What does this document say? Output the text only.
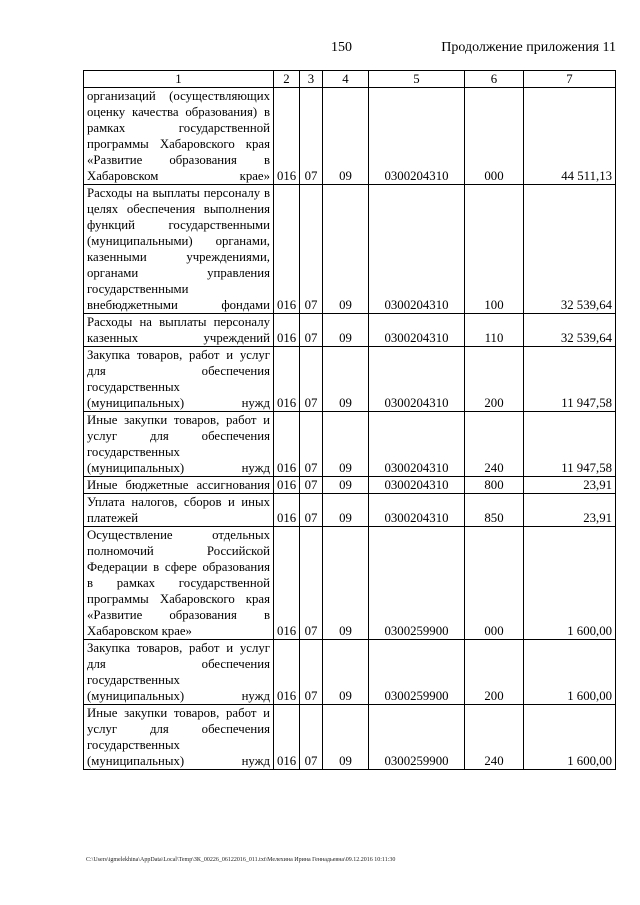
150	Продолжение приложения 11
1	2	3	4	5	6	7
организаций (осуществляющих оценку качества образования) в рамках государственной программы Хабаровского края «Развитие образования в Хабаровском крае»	016	07	09	0300204310	000	44 511,13
Расходы на выплаты персоналу в целях обеспечения выполнения функций государственными (муниципальными) органами, казенными учреждениями, органами управления государственными внебюджетными фондами	016	07	09	0300204310	100	32 539,64
Расходы на выплаты персоналу казенных учреждений	016	07	09	0300204310	110	32 539,64
Закупка товаров, работ и услуг для обеспечения государственных (муниципальных) нужд	016	07	09	0300204310	200	11 947,58
Иные закупки товаров, работ и услуг для обеспечения государственных (муниципальных) нужд	016	07	09	0300204310	240	11 947,58
Иные бюджетные ассигнования	016	07	09	0300204310	800	23,91
Уплата налогов, сборов и иных платежей	016	07	09	0300204310	850	23,91
Осуществление отдельных полномочий Российской Федерации в сфере образования в рамках государственной программы Хабаровского края «Развитие образования в Хабаровском крае»	016	07	09	0300259900	000	1 600,00
Закупка товаров, работ и услуг для обеспечения государственных (муниципальных) нужд	016	07	09	0300259900	200	1 600,00
Иные закупки товаров, работ и услуг для обеспечения государственных (муниципальных) нужд	016	07	09	0300259900	240	1 600,00
C:\Users\igmelekhina\AppData\Local\Temp\ЗК_00226_06122016_011.txt\Мелехина Ирина Геннадьевна\09.12.2016 10:11:30
